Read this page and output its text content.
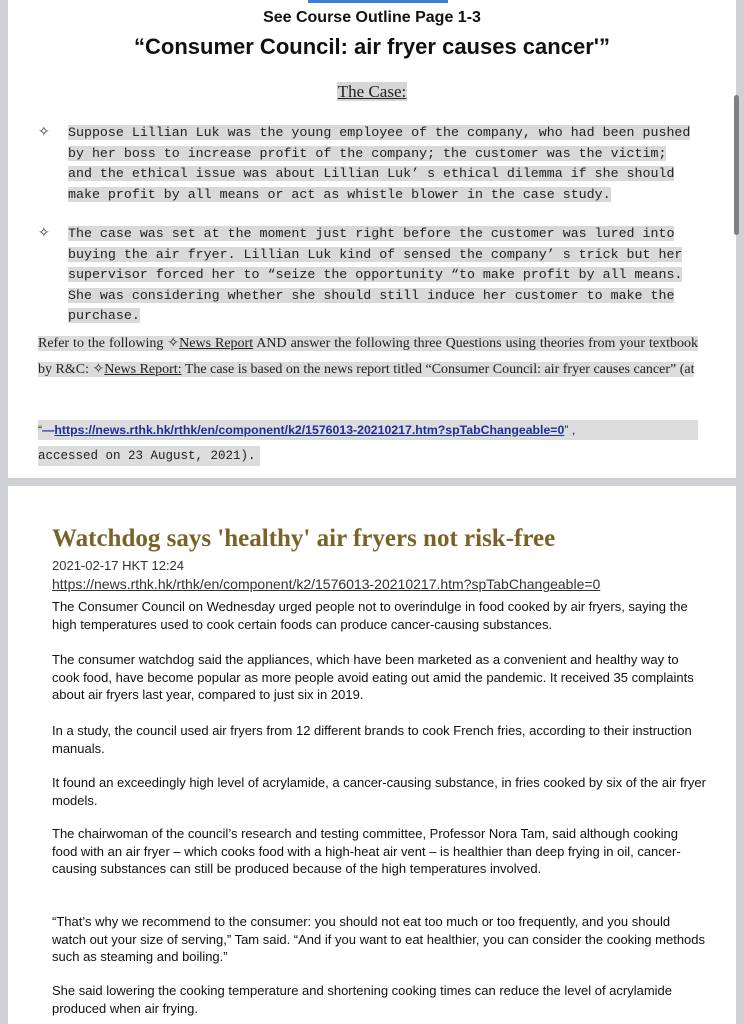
See Course Outline Page 1-3
“Consumer Council: air fryer causes cancer'”
The Case:
✧ Suppose Lillian Luk was the young employee of the company, who had been pushed
by her boss to increase profit of the company; the customer was the victim;
and the ethical issue was about Lillian Luk’ s ethical dilemma if she should
make profit by all means or act as whistle blower in the case study.
✧ The case was set at the moment just right before the customer was lured into
buying the air fryer. Lillian Luk kind of sensed the company’ s trick but her
supervisor forced her to “seize the opportunity “to make profit by all means.
She was considering whether she should still induce her customer to make the
purchase.
Refer to the following ✧News Report AND answer the following three Questions using theories from your textbook by R&C: ✧News Report: The case is based on the news report titled “Consumer Council: air fryer causes cancer” (at
“—https://news.rthk.hk/rthk/en/component/k2/1576013-20210217.htm?spTabChangeable=0” ,
accessed on 23 August, 2021).
Watchdog says 'healthy' air fryers not risk-free
2021-02-17 HKT 12:24
https://news.rthk.hk/rthk/en/component/k2/1576013-20210217.htm?spTabChangeable=0
The Consumer Council on Wednesday urged people not to overindulge in food cooked by air fryers, saying the high temperatures used to cook certain foods can produce cancer-causing substances.
The consumer watchdog said the appliances, which have been marketed as a convenient and healthy way to cook food, have become popular as more people avoid eating out amid the pandemic. It received 35 complaints about air fryers last year, compared to just six in 2019.
In a study, the council used air fryers from 12 different brands to cook French fries, according to their instruction manuals.
It found an exceedingly high level of acrylamide, a cancer-causing substance, in fries cooked by six of the air fryer models.
The chairwoman of the council’s research and testing committee, Professor Nora Tam, said although cooking food with an air fryer – which cooks food with a high-heat air vent – is healthier than deep frying in oil, cancer-causing substances can still be produced because of the high temperatures involved.
“That’s why we recommend to the consumer: you should not eat too much or too frequently, and you should watch out your size of serving,” Tam said. “And if you want to eat healthier, you can consider the cooking methods such as steaming and boiling.”
She said lowering the cooking temperature and shortening cooking times can reduce the level of acrylamide produced when air frying.
